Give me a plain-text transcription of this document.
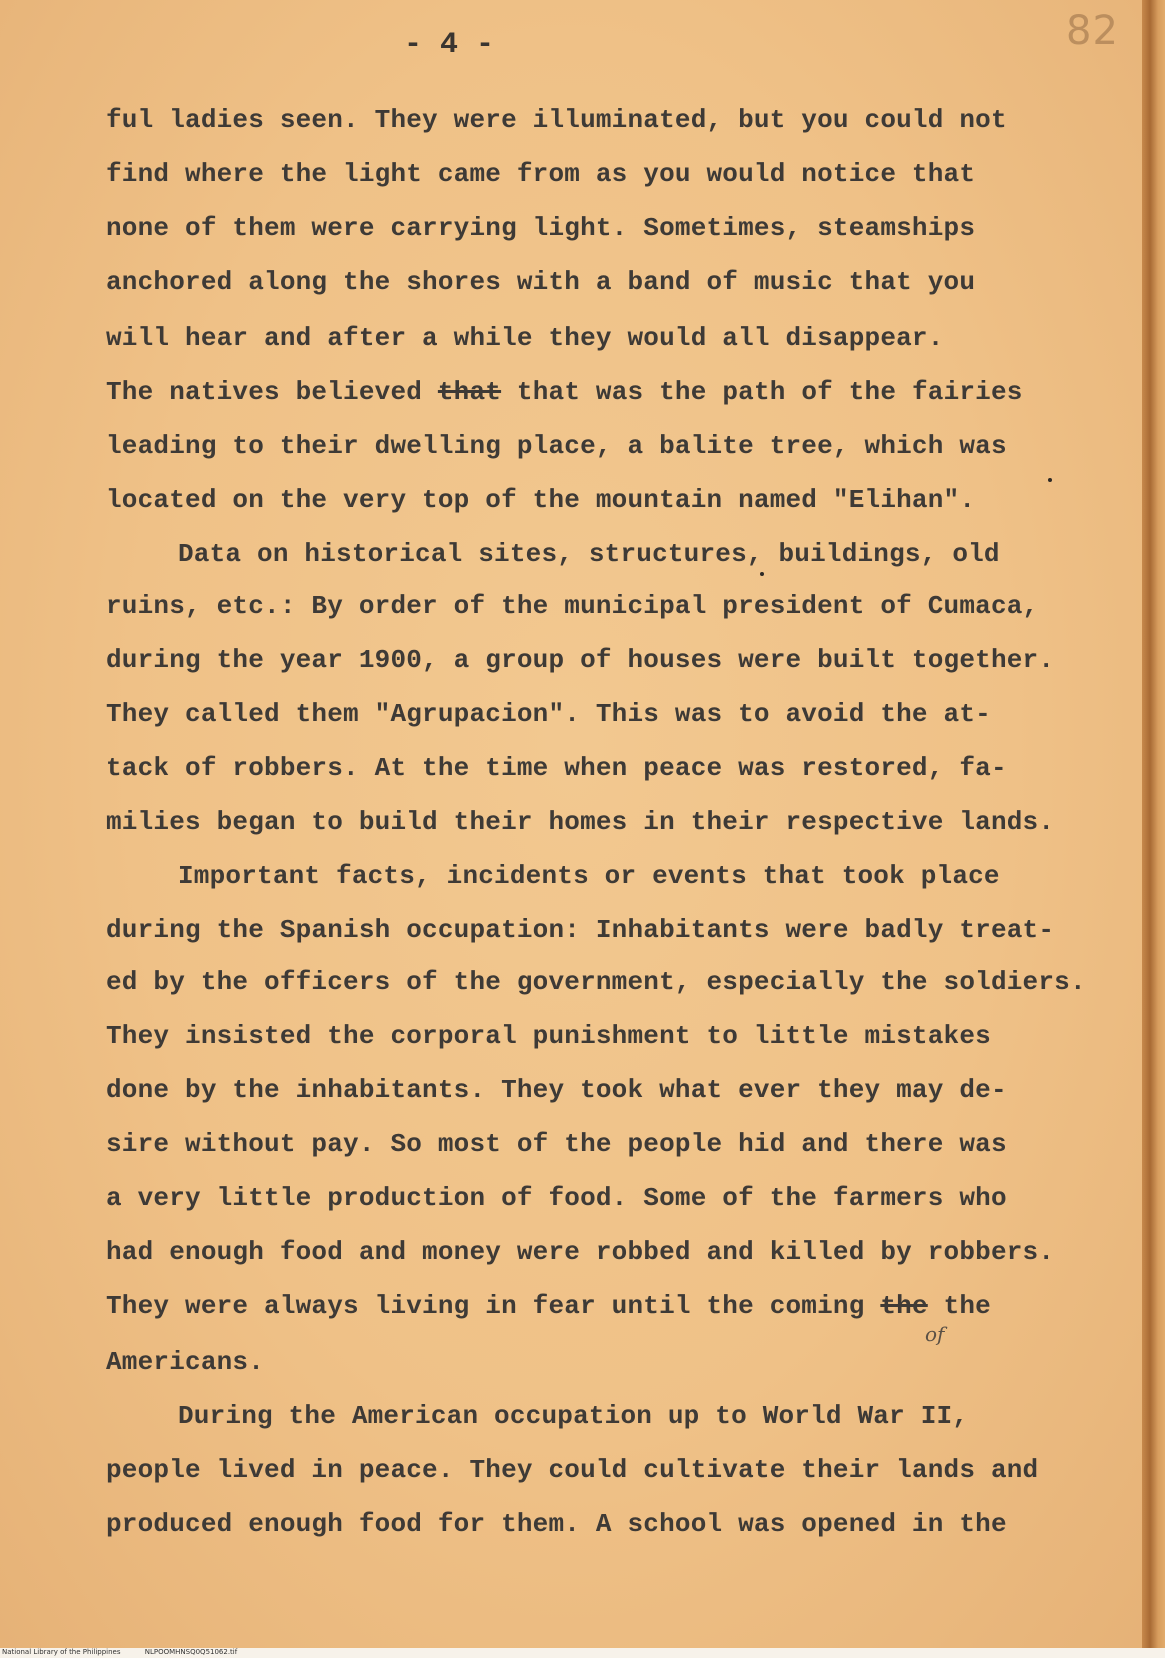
82
- 4 -
ful ladies seen. They were illuminated, but you could not
find where the light came from as you would notice that
none of them were carrying light. Sometimes, steamships
anchored along the shores with a band of music that you
will hear and after a while they would all disappear.
The natives believed that that was the path of the fairies
leading to their dwelling place, a balite tree, which was
located on the very top of the mountain named "Elihan".
Data on historical sites, structures, buildings, old
ruins, etc.: By order of the municipal president of Cumaca,
during the year 1900, a group of houses were built together.
They called them "Agrupacion". This was to avoid the at-
tack of robbers. At the time when peace was restored, fa-
milies began to build their homes in their respective lands.
Important facts, incidents or events that took place
during the Spanish occupation: Inhabitants were badly treat-
ed by the officers of the government, especially the soldiers.
They insisted the corporal punishment to little mistakes
done by the inhabitants. They took what ever they may de-
sire without pay. So most of the people hid and there was
a very little production of food. Some of the farmers who
had enough food and money were robbed and killed by robbers.
They were always living in fear until the coming the the
of
Americans.
During the American occupation up to World War II,
people lived in peace. They could cultivate their lands and
produced enough food for them. A school was opened in the
National Library of the Philippines	NLPOOMHNSQ0Q51062.tif
